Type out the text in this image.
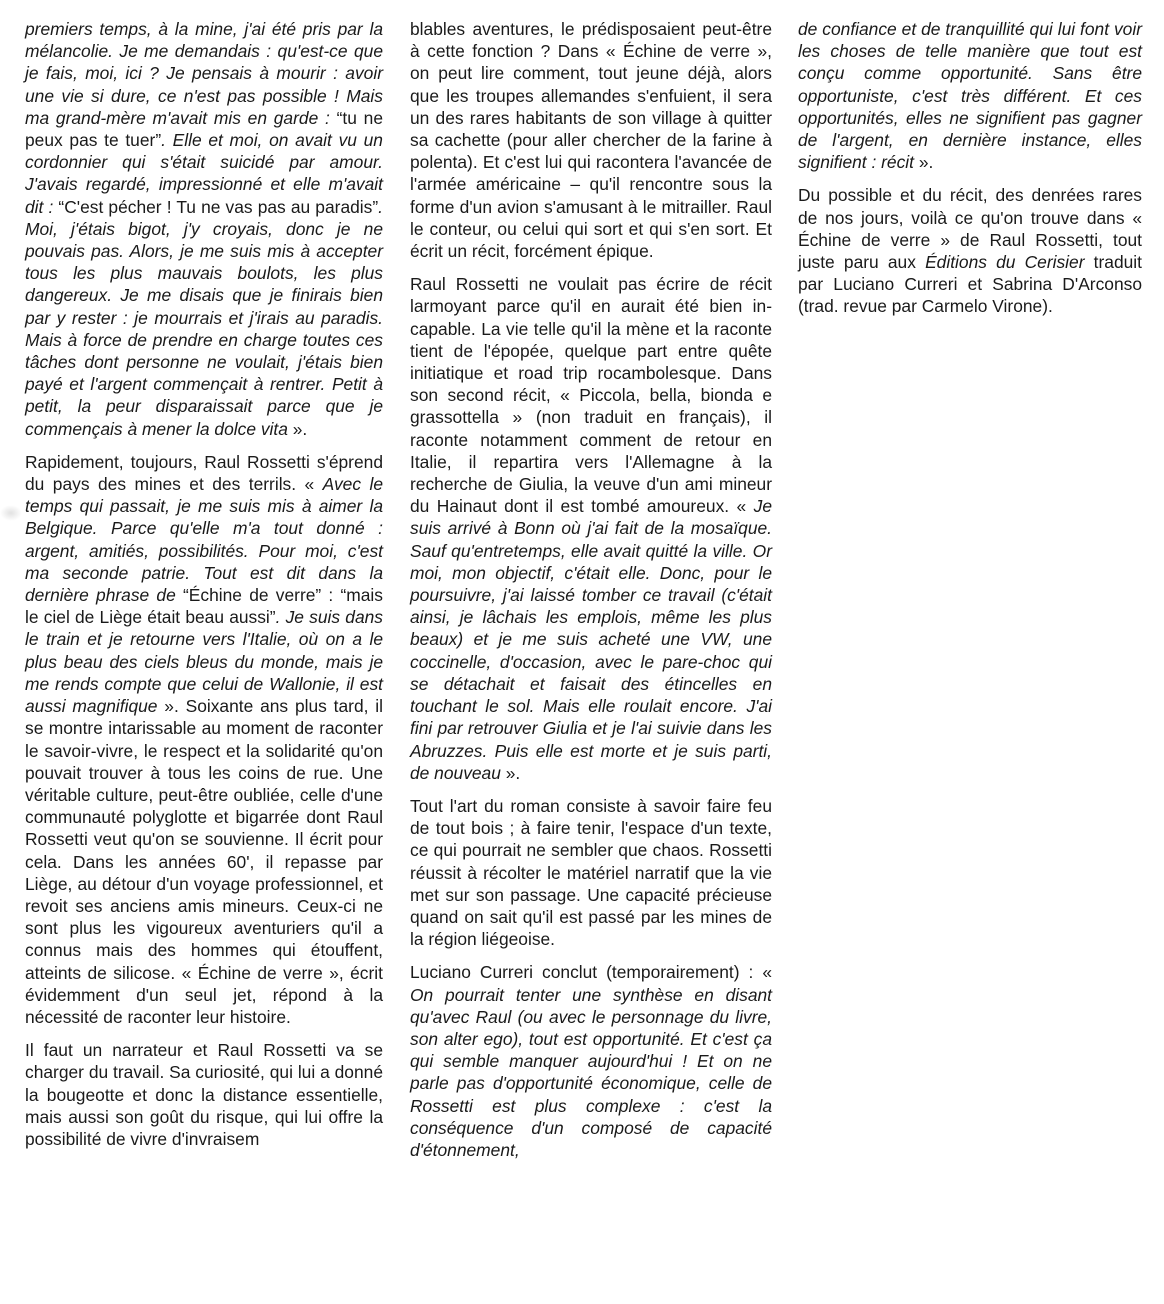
premiers temps, à la mine, j'ai été pris par la mélancolie. Je me demandais : qu'est-ce que je fais, moi, ici ? Je pensais à mourir : avoir une vie si dure, ce n'est pas possible ! Mais ma grand-mère m'avait mis en garde : “tu ne peux pas te tuer”. Elle et moi, on avait vu un cordonnier qui s'était suicidé par amour. J'avais regardé, impressionné et elle m'avait dit : “C'est pécher ! Tu ne vas pas au paradis”. Moi, j'étais bigot, j'y croyais, donc je ne pouvais pas. Alors, je me suis mis à accepter tous les plus mauvais boulots, les plus dangereux. Je me disais que je finirais bien par y rester : je mourrais et j'irais au paradis. Mais à force de prendre en charge toutes ces tâches dont personne ne voulait, j'étais bien payé et l'argent commençait à rentrer. Petit à petit, la peur disparaissait parce que je commençais à mener la dolce vita ».

Rapidement, toujours, Raul Rossetti s'éprend du pays des mines et des terrils. « Avec le temps qui passait, je me suis mis à aimer la Belgique. Parce qu'elle m'a tout donné : argent, amitiés, possibilités. Pour moi, c'est ma seconde patrie. Tout est dit dans la dernière phrase de “Échine de verre” : “mais le ciel de Liège était beau aussi”. Je suis dans le train et je retourne vers l'Italie, où on a le plus beau des ciels bleus du monde, mais je me rends compte que celui de Wallonie, il est aussi magnifique ». Soixante ans plus tard, il se montre intarissable au moment de raconter le savoir-vivre, le respect et la solidarité qu'on pouvait trouver à tous les coins de rue. Une véritable culture, peut-être oubliée, celle d'une communauté polyglotte et bigarrée dont Raul Rossetti veut qu'on se souvienne. Il écrit pour cela. Dans les années 60', il repasse par Liège, au détour d'un voyage professionnel, et revoit ses anciens amis mineurs. Ceux-ci ne sont plus les vigoureux aventuriers qu'il a connus mais des hommes qui étouffent, atteints de silicose. « Échine de verre », écrit évidemment d'un seul jet, répond à la nécessité de raconter leur histoire.

Il faut un narrateur et Raul Rossetti va se charger du travail. Sa curiosité, qui lui a donné la bougeotte et donc la distance essentielle, mais aussi son goût du risque, qui lui offre la possibilité de vivre d'invraisem

blables aventures, le prédisposaient peut-être à cette fonction ? Dans « Échine de verre », on peut lire comment, tout jeune déjà, alors que les troupes allemandes s'enfuient, il sera un des rares habitants de son village à quitter sa cachette (pour aller chercher de la farine à polenta). Et c'est lui qui racontera l'avancée de l'armée américaine – qu'il rencontre sous la forme d'un avion s'amusant à le mitrailler. Raul le conteur, ou celui qui sort et qui s'en sort. Et écrit un récit, forcément épique.

Raul Rossetti ne voulait pas écrire de récit larmoyant parce qu'il en aurait été bien incapable. La vie telle qu'il la mène et la raconte tient de l'épopée, quelque part entre quête initiatique et road trip rocambolesque. Dans son second récit, « Piccola, bella, bionda e grassottella » (non traduit en français), il raconte notamment comment de retour en Italie, il repartira vers l'Allemagne à la recherche de Giulia, la veuve d'un ami mineur du Hainaut dont il est tombé amoureux. « Je suis arrivé à Bonn où j'ai fait de la mosaïque. Sauf qu'entretemps, elle avait quitté la ville. Or moi, mon objectif, c'était elle. Donc, pour le poursuivre, j'ai laissé tomber ce travail (c'était ainsi, je lâchais les emplois, même les plus beaux) et je me suis acheté une VW, une coccinelle, d'occasion, avec le pare-choc qui se détachait et faisait des étincelles en touchant le sol. Mais elle roulait encore. J'ai fini par retrouver Giulia et je l'ai suivie dans les Abruzzes. Puis elle est morte et je suis parti, de nouveau ».

Tout l'art du roman consiste à savoir faire feu de tout bois ; à faire tenir, l'espace d'un texte, ce qui pourrait ne sembler que chaos. Rossetti réussit à récolter le matériel narratif que la vie met sur son passage. Une capacité précieuse quand on sait qu'il est passé par les mines de la région liégeoise.

Luciano Curreri conclut (temporairement) : « On pourrait tenter une synthèse en disant qu'avec Raul (ou avec le personnage du livre, son alter ego), tout est opportunité. Et c'est ça qui semble manquer aujourd'hui ! Et on ne parle pas d'opportunité économique, celle de Rossetti est plus complexe : c'est la conséquence d'un composé de capacité d'étonnement,

de confiance et de tranquillité qui lui font voir les choses de telle manière que tout est conçu comme opportunité. Sans être opportuniste, c'est très différent. Et ces opportunités, elles ne signifient pas gagner de l'argent, en dernière instance, elles signifient : récit ».

Du possible et du récit, des denrées rares de nos jours, voilà ce qu'on trouve dans « Échine de verre » de Raul Rossetti, tout juste paru aux Éditions du Cerisier traduit par Luciano Curreri et Sabrina D'Arconso (trad. revue par Carmelo Virone).
